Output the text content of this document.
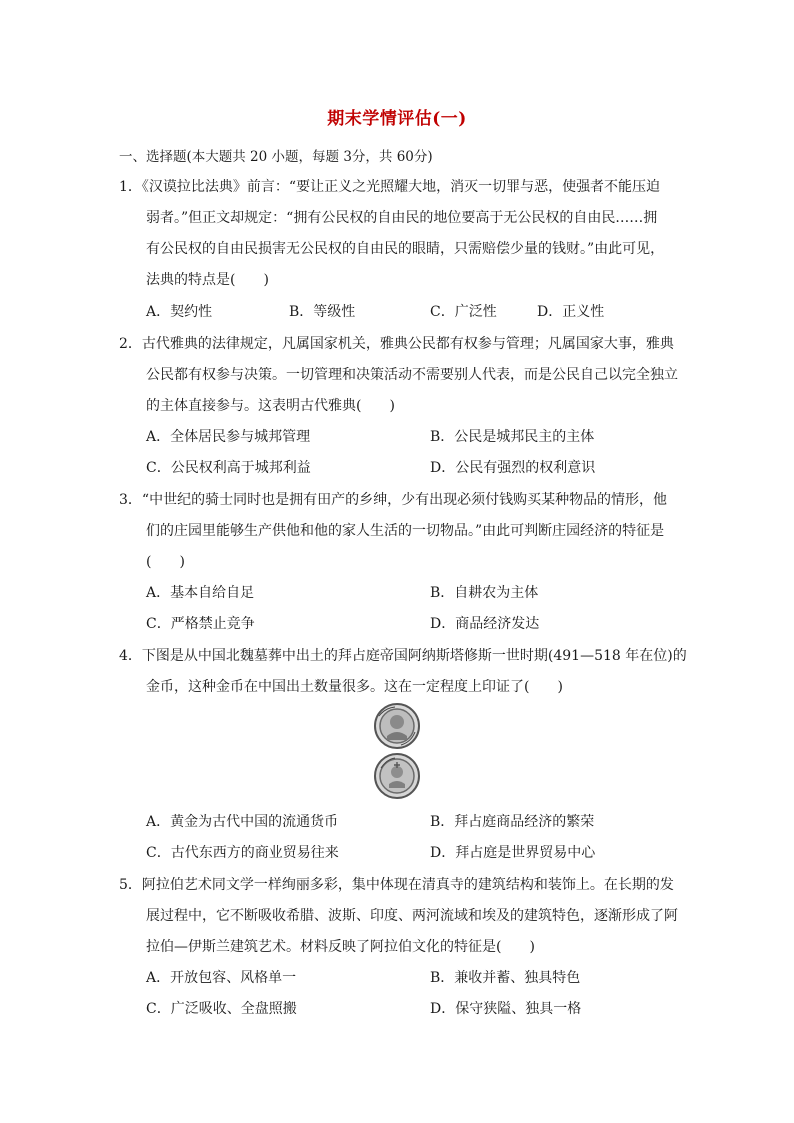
期末学情评估(一)
一、选择题(本大题共 20 小题，每题 3分，共 60分)
1．《汉谟拉比法典》前言：“要让正义之光照耀大地，消灭一切罪与恶，使强者不能压迫
弱者。”但正文却规定：“拥有公民权的自由民的地位要高于无公民权的自由民……拥
有公民权的自由民损害无公民权的自由民的眼睛，只需赔偿少量的钱财。”由此可见，
法典的特点是(　　)
A．契约性	B．等级性	C．广泛性	D．正义性
2．古代雅典的法律规定，凡属国家机关，雅典公民都有权参与管理；凡属国家大事，雅典
公民都有权参与决策。一切管理和决策活动不需要别人代表，而是公民自己以完全独立
的主体直接参与。这表明古代雅典(　　)
A．全体居民参与城邦管理	B．公民是城邦民主的主体
C．公民权利高于城邦利益	D．公民有强烈的权利意识
3．“中世纪的骑士同时也是拥有田产的乡绅，少有出现必须付钱购买某种物品的情形，他
们的庄园里能够生产供他和他的家人生活的一切物品。”由此可判断庄园经济的特征是
(　　)
A．基本自给自足	B．自耕农为主体
C．严格禁止竞争	D．商品经济发达
4．下图是从中国北魏墓葬中出土的拜占庭帝国阿纳斯塔修斯一世时期(491—518 年在位)的
金币，这种金币在中国出土数量很多。这在一定程度上印证了(　　)
A．黄金为古代中国的流通货币	B．拜占庭商品经济的繁荣
C．古代东西方的商业贸易往来	D．拜占庭是世界贸易中心
5．阿拉伯艺术同文学一样绚丽多彩，集中体现在清真寺的建筑结构和装饰上。在长期的发
展过程中，它不断吸收希腊、波斯、印度、两河流域和埃及的建筑特色，逐渐形成了阿
拉伯—伊斯兰建筑艺术。材料反映了阿拉伯文化的特征是(　　)
A．开放包容、风格单一	B．兼收并蓄、独具特色
C．广泛吸收、全盘照搬	D．保守狭隘、独具一格
